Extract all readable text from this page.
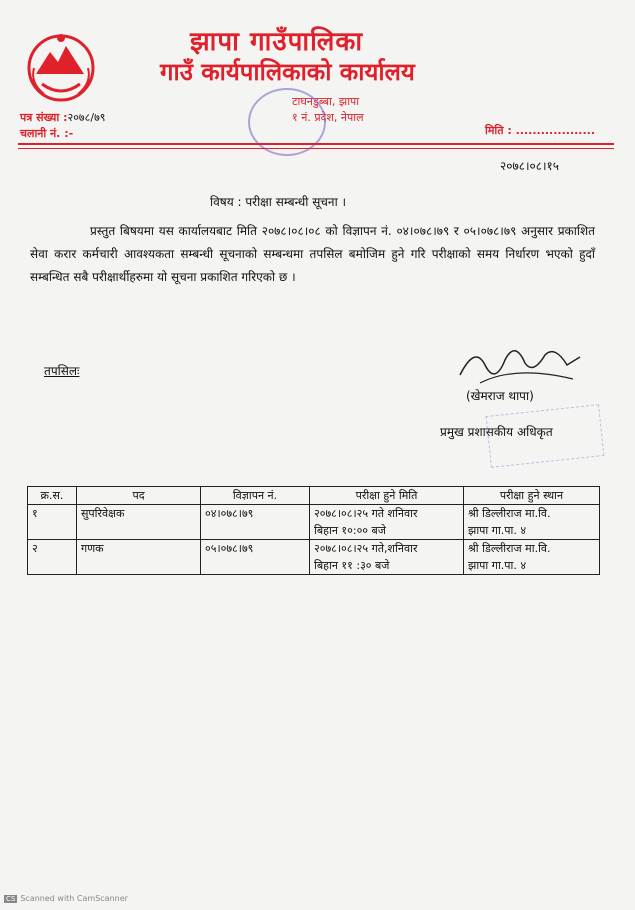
झापा गाउँपालिका
गाउँ कार्यपालिकाको कार्यालय
टाघनडुब्बा, झापा
१ नं. प्रदेश, नेपाल
पत्र संख्या :२०७८/७९
चलानी नं. :-	मिति : ...................
२०७८।०८।१५
विषय : परीक्षा सम्बन्धी सूचना ।
प्रस्तुत बिषयमा यस कार्यालयबाट मिति २०७८।०८।०८ को विज्ञापन नं. ०४।०७८।७९ र ०५।०७८।७९ अनुसार प्रकाशित सेवा करार कर्मचारी आवश्यकता सम्बन्धी सूचनाको सम्बन्धमा तपसिल बमोजिम हुने गरि परीक्षाको समय निर्धारण भएको हुदाँ सम्बन्धित सबै परीक्षार्थीहरुमा यो सूचना प्रकाशित गरिएको छ ।
तपसिलः
(खेमराज थापा)
प्रमुख प्रशासकीय अधिकृत
क्र.स.	पद	विज्ञापन नं.	परीक्षा हुने मिति	परीक्षा हुने स्थान
१	सुपरिवेक्षक	०४।०७८।७९	२०७८।०८।२५ गते शनिवार	श्री डिल्लीराज मा.वि.
			बिहान १०:०० बजे	झापा गा.पा. ४
२	गणक	०५।०७८।७९	२०७८।०८।२५ गते,शनिवार	श्री डिल्लीराज मा.वि.
			बिहान ११ :३० बजे	झापा गा.पा. ४
CS Scanned with CamScanner
